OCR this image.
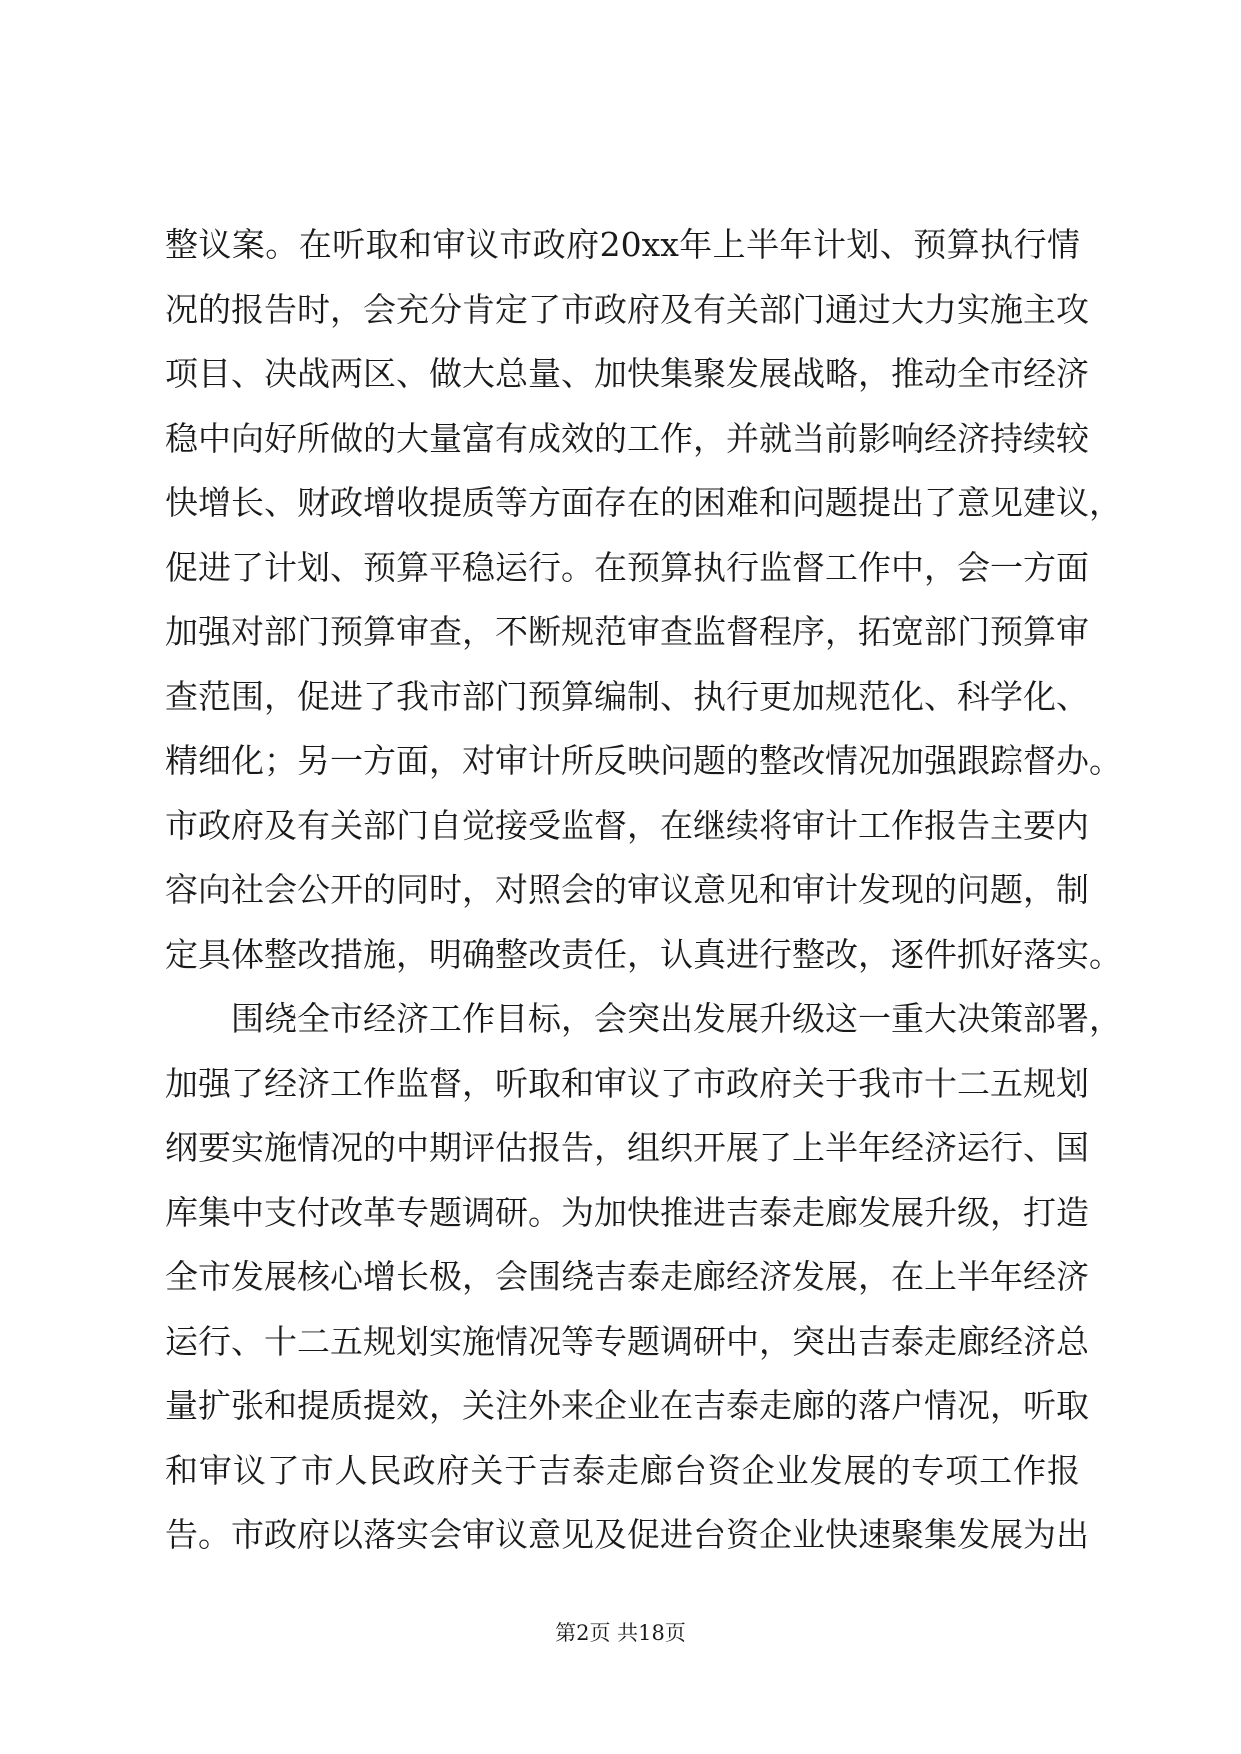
整议案。在听取和审议市政府20xx年上半年计划、预算执行情
况的报告时，会充分肯定了市政府及有关部门通过大力实施主攻
项目、决战两区、做大总量、加快集聚发展战略，推动全市经济
稳中向好所做的大量富有成效的工作，并就当前影响经济持续较
快增长、财政增收提质等方面存在的困难和问题提出了意见建议，
促进了计划、预算平稳运行。在预算执行监督工作中，会一方面
加强对部门预算审查，不断规范审查监督程序，拓宽部门预算审
查范围，促进了我市部门预算编制、执行更加规范化、科学化、
精细化；另一方面，对审计所反映问题的整改情况加强跟踪督办。
市政府及有关部门自觉接受监督，在继续将审计工作报告主要内
容向社会公开的同时，对照会的审议意见和审计发现的问题，制
定具体整改措施，明确整改责任，认真进行整改，逐件抓好落实。
围绕全市经济工作目标，会突出发展升级这一重大决策部署，
加强了经济工作监督，听取和审议了市政府关于我市十二五规划
纲要实施情况的中期评估报告，组织开展了上半年经济运行、国
库集中支付改革专题调研。为加快推进吉泰走廊发展升级，打造
全市发展核心增长极，会围绕吉泰走廊经济发展，在上半年经济
运行、十二五规划实施情况等专题调研中，突出吉泰走廊经济总
量扩张和提质提效，关注外来企业在吉泰走廊的落户情况，听取
和审议了市人民政府关于吉泰走廊台资企业发展的专项工作报
告。市政府以落实会审议意见及促进台资企业快速聚集发展为出
第2页 共18页
